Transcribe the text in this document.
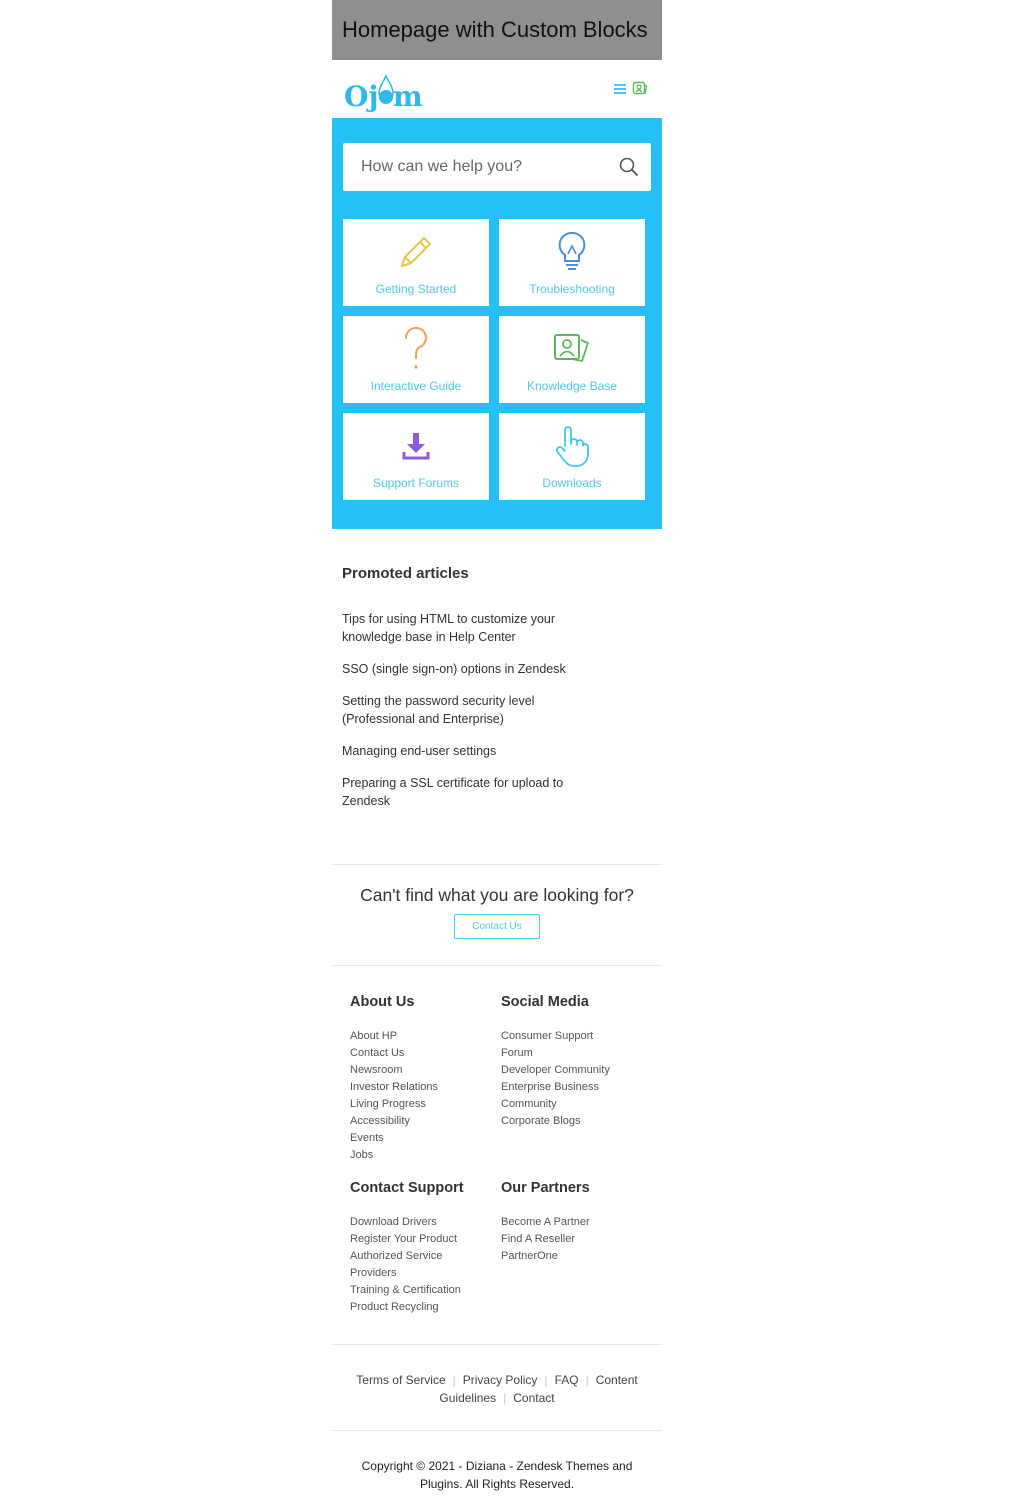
Homepage with Custom Blocks
Oj m
How can we help you?
Getting Started	Troubleshooting
Interactive Guide	Knowledge Base
Support Forums	Downloads
Promoted articles
Tips for using HTML to customize your knowledge base in Help Center
SSO (single sign-on) options in Zendesk
Setting the password security level (Professional and Enterprise)
Managing end-user settings
Preparing a SSL certificate for upload to Zendesk
Can't find what you are looking for?
Contact Us
About Us
About HP
Contact Us
Newsroom
Investor Relations
Living Progress
Accessibility
Events
Jobs
Social Media
Consumer Support
Forum
Developer Community
Enterprise Business
Community
Corporate Blogs
Contact Support
Download Drivers
Register Your Product
Authorized Service
Providers
Training & Certification
Product Recycling
Our Partners
Become A Partner
Find A Reseller
PartnerOne
Terms of Service | Privacy Policy | FAQ | Content
Guidelines | Contact
Copyright © 2021 - Diziana - Zendesk Themes and
Plugins. All Rights Reserved.
